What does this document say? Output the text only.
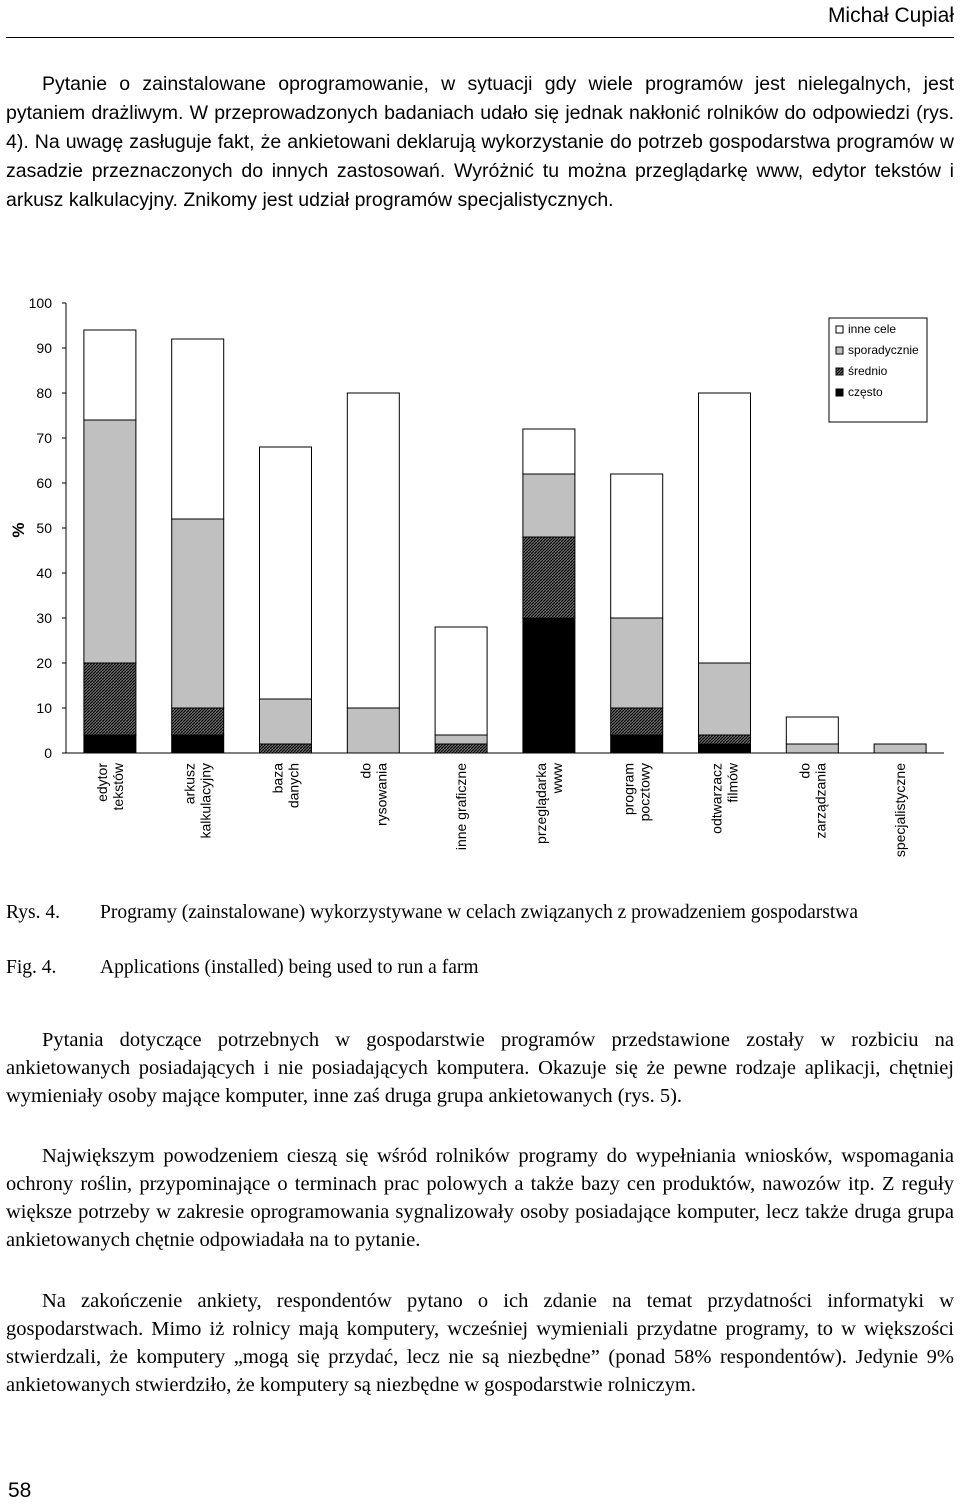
Michał Cupiał

Pytanie o zainstalowane oprogramowanie, w sytuacji gdy wiele programów jest nielegalnych, jest pytaniem drażliwym. W przeprowadzonych badaniach udało się jednak nakłonić rolników do odpowiedzi (rys. 4). Na uwagę zasługuje fakt, że ankietowani deklarują wykorzystanie do potrzeb gospodarstwa programów w zasadzie przeznaczonych do innych zastosowań. Wyróżnić tu można przeglądarkę www, edytor tekstów i arkusz kalkulacyjny. Znikomy jest udział programów specjalistycznych.

0
10
20
30
40
50
60
70
80
90
100
%
edytor tekstów	arkusz kalkulacyjny	baza danych	do rysowania	inne graficzne	przeglądarka www	program pocztowy	odtwarzacz filmów	do zarządzania	specjalistyczne
inne cele
sporadycznie
średnio
często
Rys. 4.	Programy (zainstalowane) wykorzystywane w celach związanych z prowadzeniem gospodarstwa
Fig. 4.	Applications (installed) being used to run a farm

Pytania dotyczące potrzebnych w gospodarstwie programów przedstawione zostały w rozbiciu na ankietowanych posiadających i nie posiadających komputera. Okazuje się że pewne rodzaje aplikacji, chętniej wymieniały osoby mające komputer, inne zaś druga grupa ankietowanych (rys. 5).

Największym powodzeniem cieszą się wśród rolników programy do wypełniania wniosków, wspomagania ochrony roślin, przypominające o terminach prac polowych a także bazy cen produktów, nawozów itp. Z reguły większe potrzeby w zakresie oprogramowania sygnalizowały osoby posiadające komputer, lecz także druga grupa ankietowanych chętnie odpowiadała na to pytanie.

Na zakończenie ankiety, respondentów pytano o ich zdanie na temat przydatności informatyki w gospodarstwach. Mimo iż rolnicy mają komputery, wcześniej wymieniali przydatne programy, to w większości stwierdzali, że komputery „mogą się przydać, lecz nie są niezbędne” (ponad 58% respondentów). Jedynie 9% ankietowanych stwierdziło, że komputery są niezbędne w gospodarstwie rolniczym.

58
